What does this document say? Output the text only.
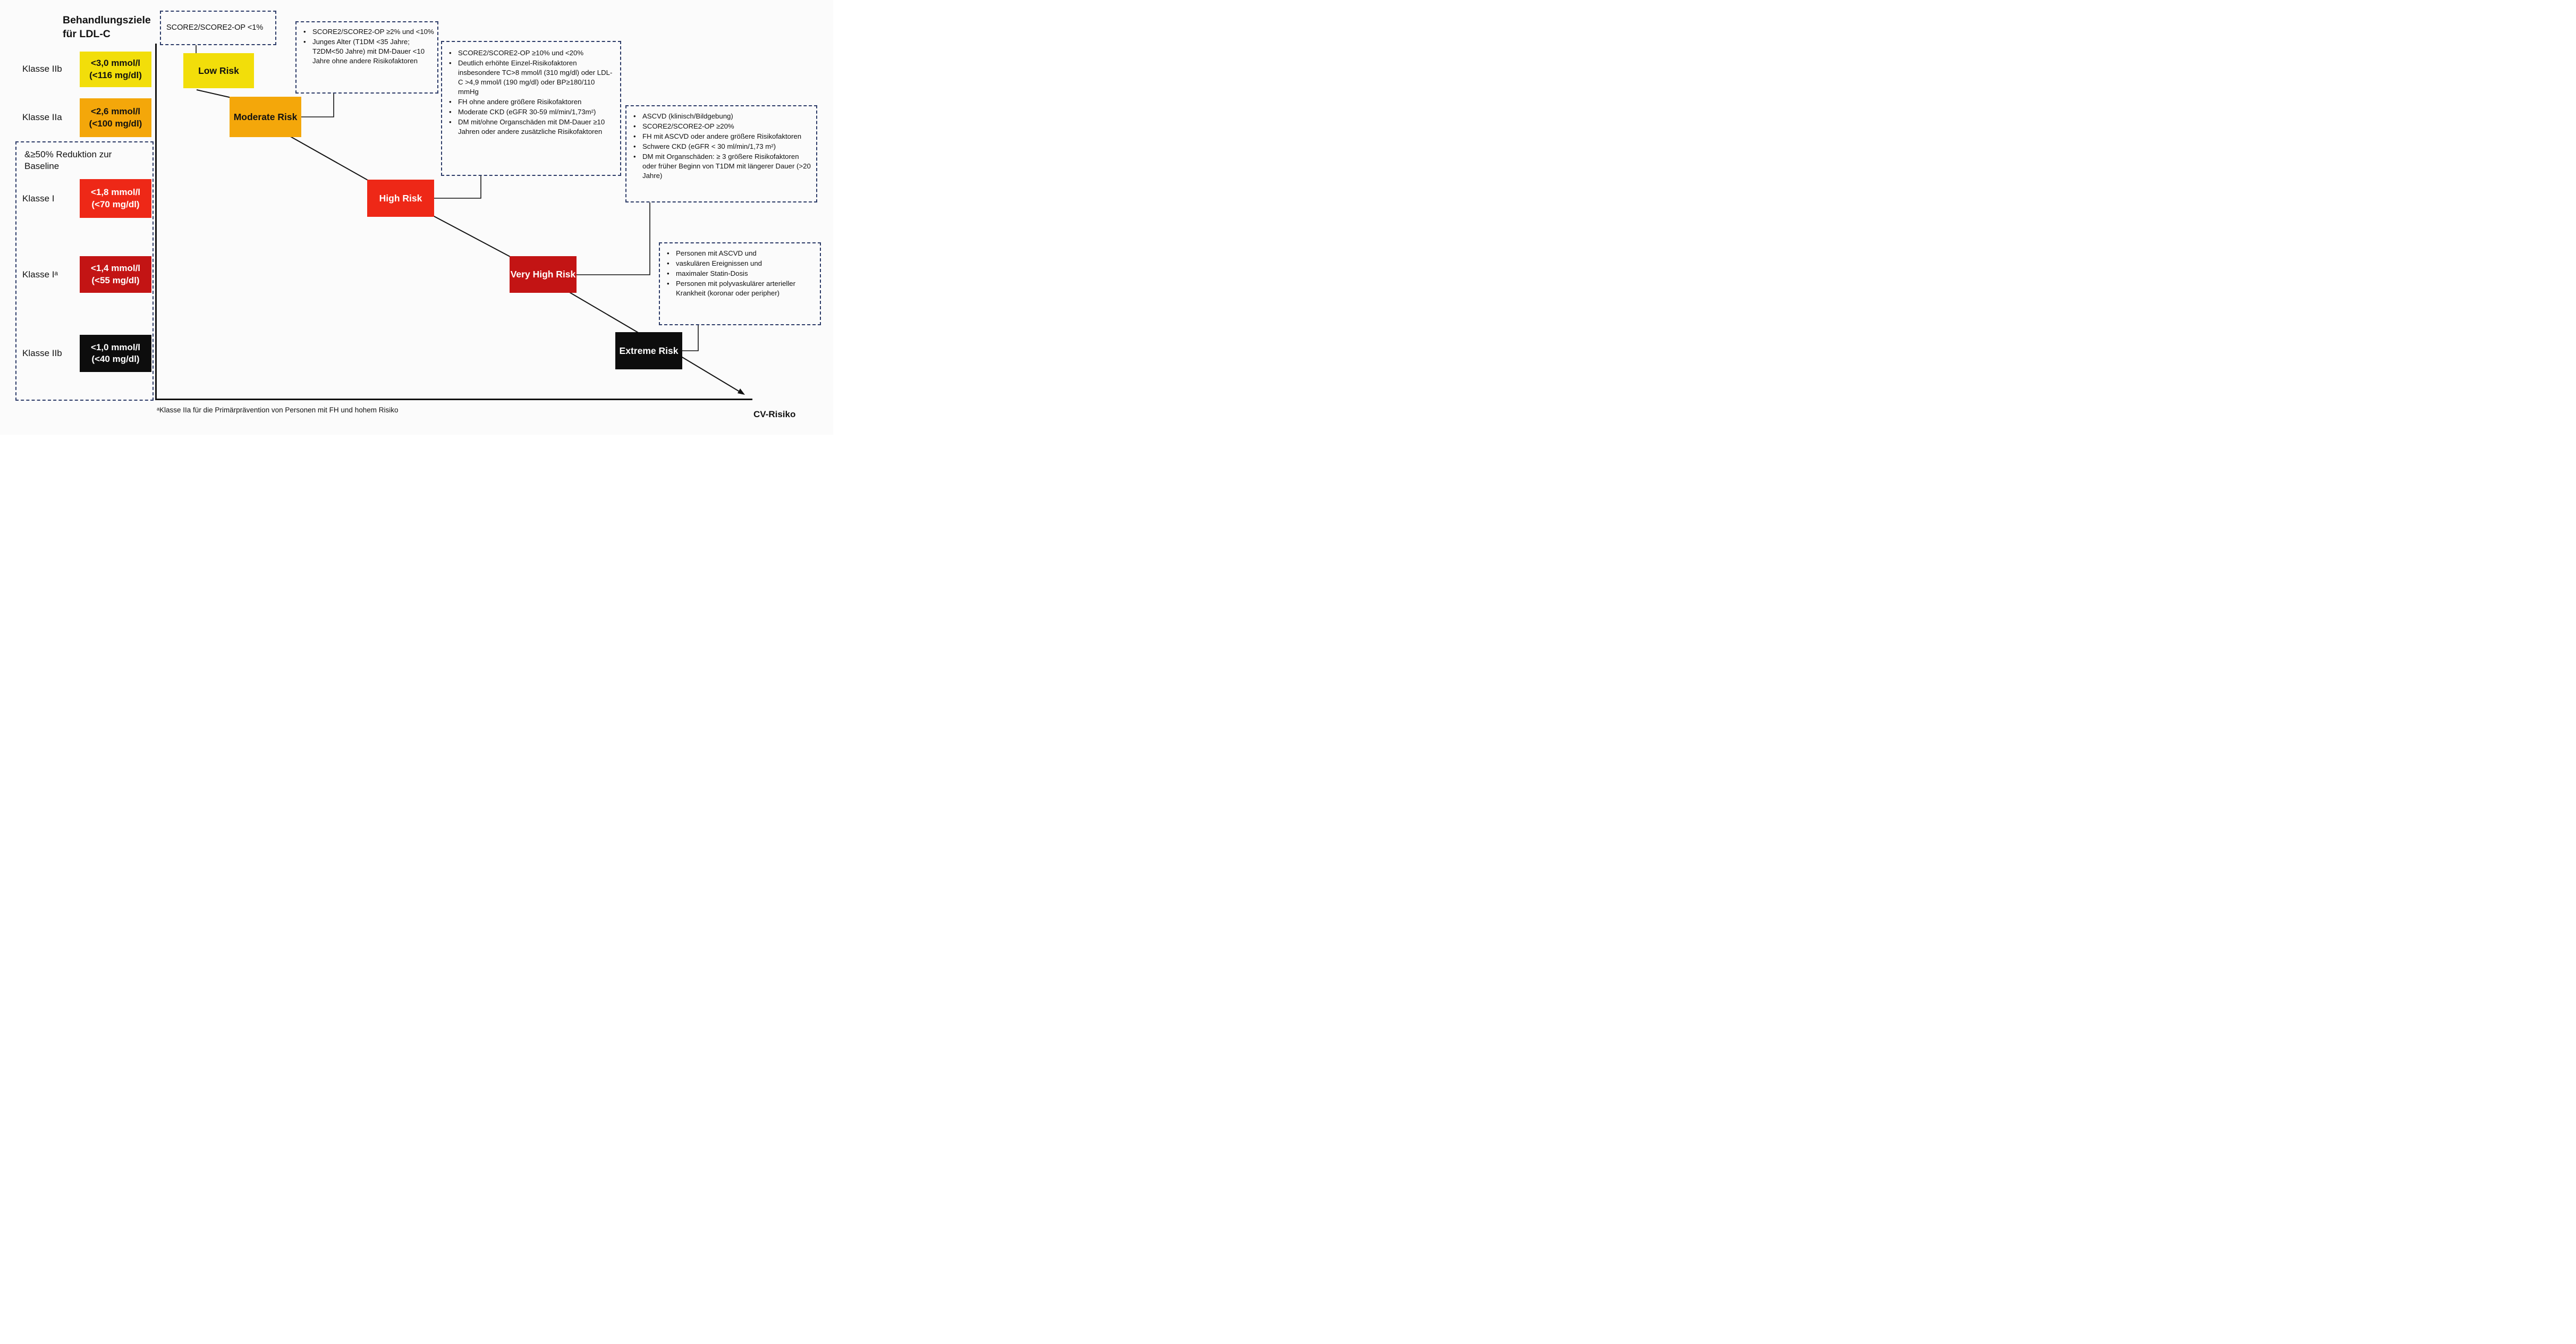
Behandlungsziele für LDL-C
&≥50% Reduktion zur Baseline
Klasse IIb
Klasse IIa
Klasse I
Klasse Iᵃ
Klasse IIb
<3,0 mmol/l
(<116 mg/dl)
<2,6 mmol/l
(<100 mg/dl)
<1,8 mmol/l
(<70 mg/dl)
<1,4 mmol/l
(<55 mg/dl)
<1,0 mmol/l
(<40 mg/dl)
Low Risk
Moderate Risk
High Risk
Very High Risk
Extreme Risk
SCORE2/SCORE2-OP <1%	• SCORE2/SCORE2-OP ≥2% und <10%
• Junges Alter (T1DM <35 Jahre; T2DM<50 Jahre) mit DM-Dauer <10 Jahre ohne andere Risikofaktoren
• SCORE2/SCORE2-OP ≥10% und <20%
• Deutlich erhöhte Einzel-Risikofaktoren insbesondere TC>8 mmol/l (310 mg/dl) oder LDL-C >4,9 mmol/l (190 mg/dl) oder BP≥180/110 mmHg
• FH ohne andere größere Risikofaktoren
• Moderate CKD (eGFR 30-59 ml/min/1,73m²)
• DM mit/ohne Organschäden mit DM-Dauer ≥10 Jahren oder andere zusätzliche Risikofaktoren
• ASCVD (klinisch/Bildgebung)
• SCORE2/SCORE2-OP ≥20%
• FH mit ASCVD oder andere größere Risikofaktoren
• Schwere CKD (eGFR < 30 ml/min/1,73 m²)
• DM mit Organschäden: ≥ 3 größere Risikofaktoren oder früher Beginn von T1DM mit längerer Dauer (>20 Jahre)
• Personen mit ASCVD und
• vaskulären Ereignissen und
• maximaler Statin-Dosis
• Personen mit polyvaskulärer arterieller Krankheit (koronar oder peripher)
ᵃKlasse IIa für die Primärprävention von Personen mit FH und hohem Risiko	CV-Risiko
